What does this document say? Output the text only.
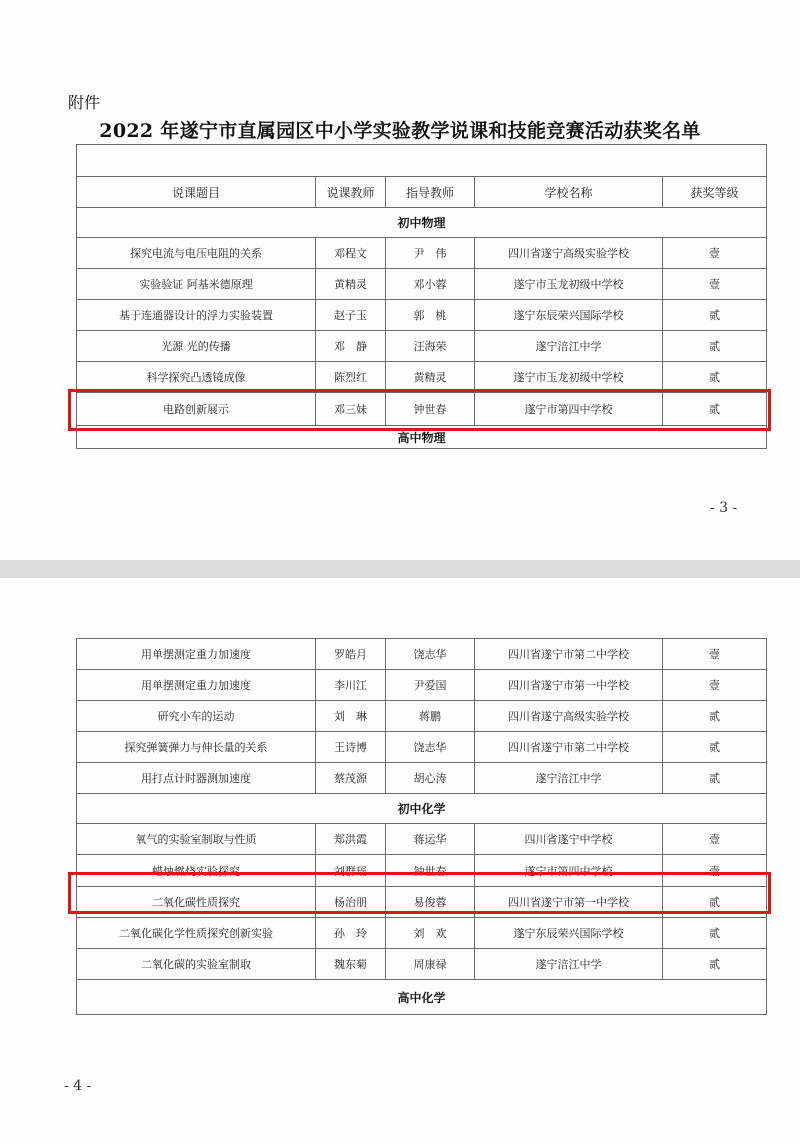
附件
2022 年遂宁市直属园区中小学实验教学说课和技能竞赛活动获奖名单

说课题目	说课教师	指导教师	学校名称	获奖等级
初中物理				
探究电流与电压电阻的关系	邓程文	尹　伟	四川省遂宁高级实验学校	壹
实验验证 阿基米德原理	黄精灵	邓小蓉	遂宁市玉龙初级中学校	壹
基于连通器设计的浮力实验装置	赵子玉	郭　桃	遂宁东辰荣兴国际学校	贰
光源 光的传播	邓　静	汪海荣	遂宁涪江中学	贰
科学探究凸透镜成像	陈烈红	黄精灵	遂宁市玉龙初级中学校	贰
电路创新展示	邓三妹	钟世春	遂宁市第四中学校	贰
高中物理				
- 3 -
用单摆测定重力加速度	罗皓月	饶志华	四川省遂宁市第二中学校	壹
用单摆测定重力加速度	李川江	尹爱国	四川省遂宁市第一中学校	壹
研究小车的运动	刘　琳	蒋鹏	四川省遂宁高级实验学校	贰
探究弹簧弹力与伸长量的关系	王诗博	饶志华	四川省遂宁市第二中学校	贰
用打点计时器测加速度	蔡茂源	胡心涛	遂宁涪江中学	贰
初中化学				
氧气的实验室制取与性质	郑洪霞	蒋运华	四川省遂宁中学校	壹
蜡烛燃烧实验探究	刘群瑶	钟世春	遂宁市第四中学校	壹
二氧化碳性质探究	杨治朋	易俊蓉	四川省遂宁市第一中学校	贰
二氧化碳化学性质探究创新实验	孙　玲	刘　欢	遂宁东辰荣兴国际学校	贰
二氧化碳的实验室制取	魏东菊	周康禄	遂宁涪江中学	贰
高中化学				
- 4 -
